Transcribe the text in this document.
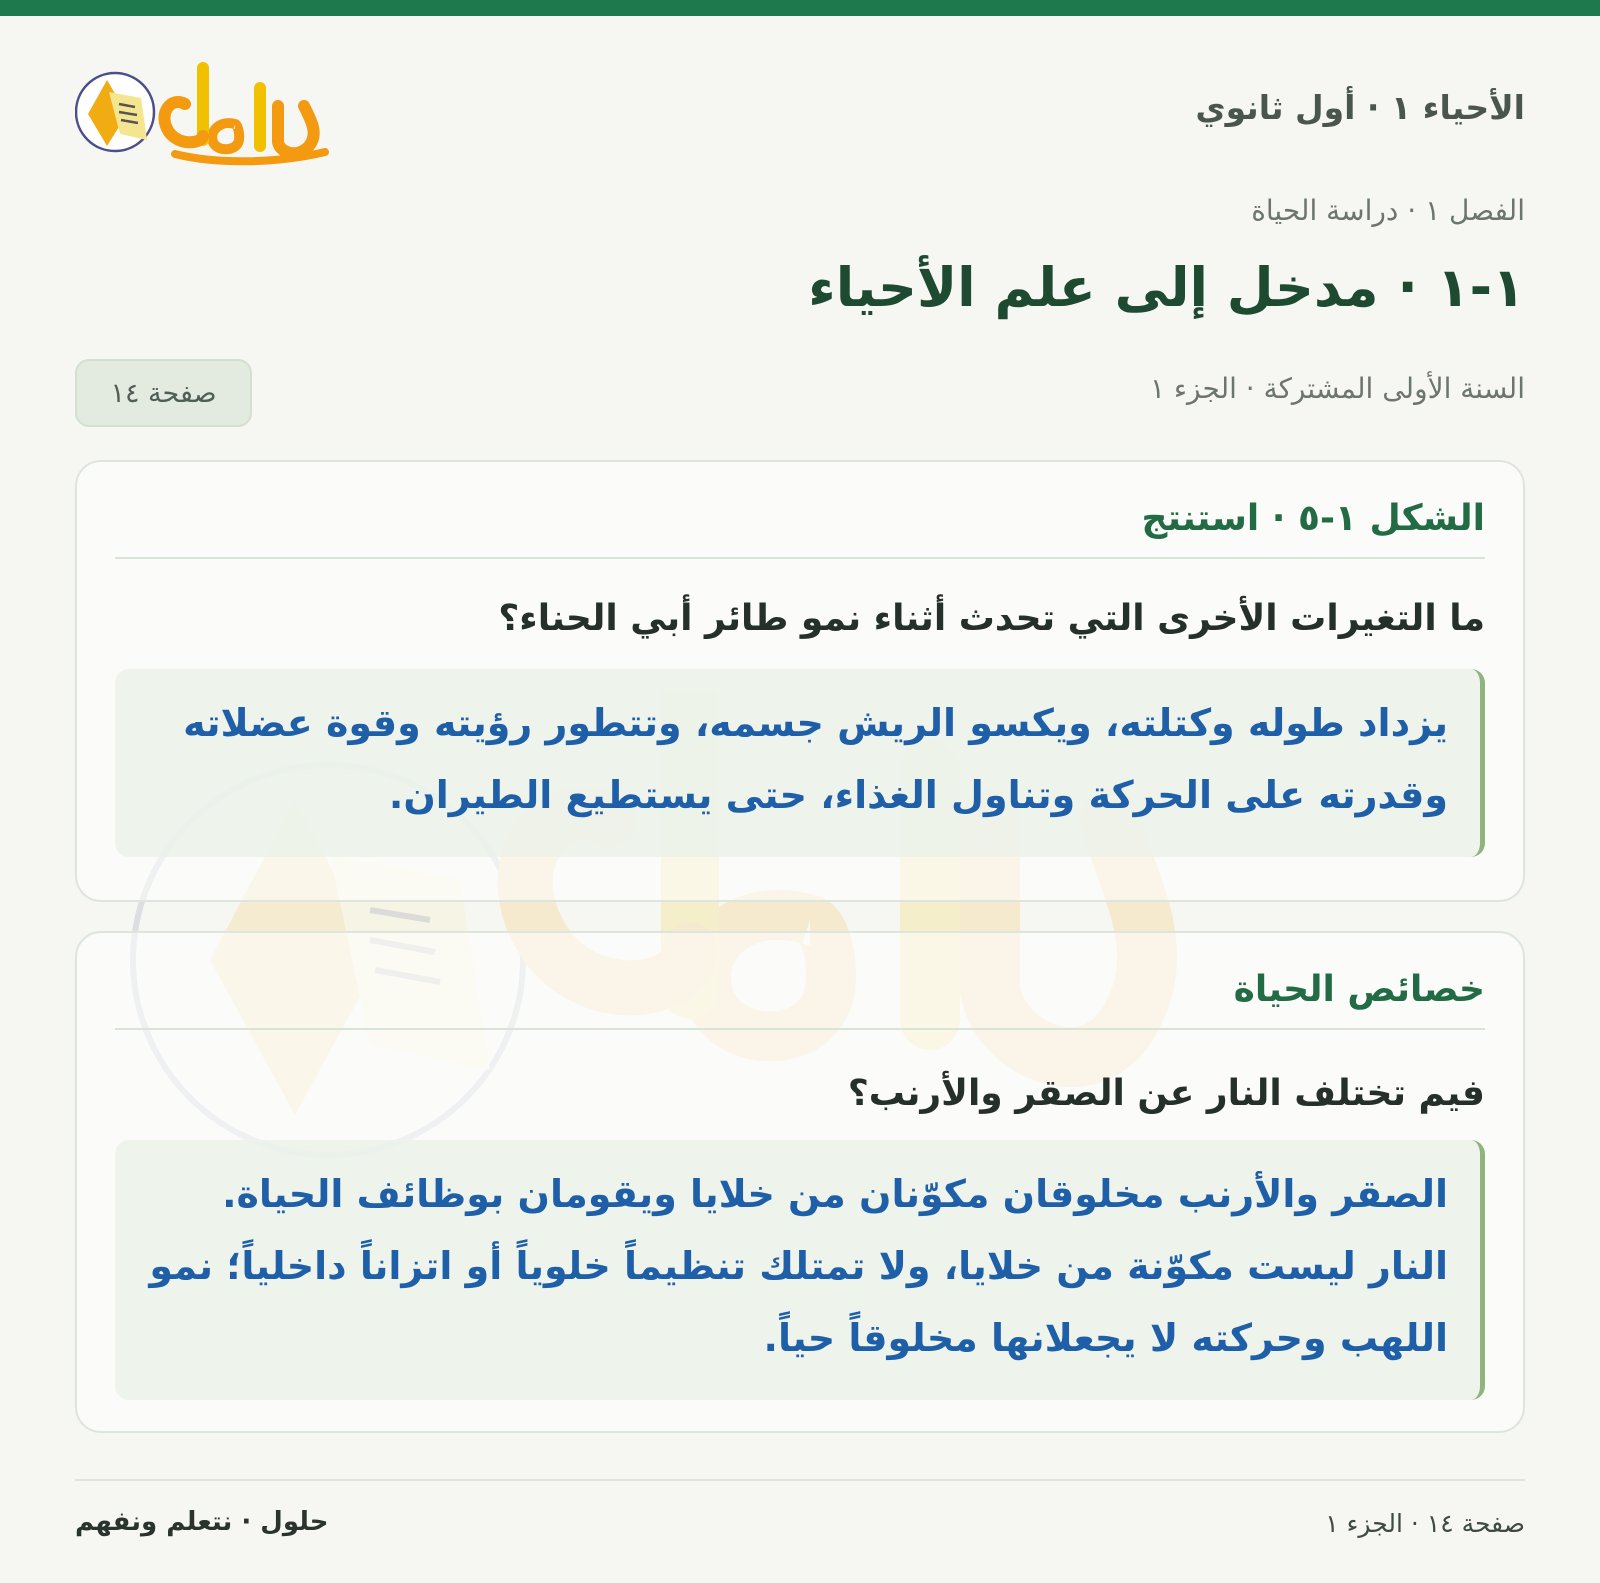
الأحياء ١ · أول ثانوي
الفصل ١ · دراسة الحياة
١-١ · مدخل إلى علم الأحياء
السنة الأولى المشتركة · الجزء ١
صفحة ١٤
الشكل ١-٥ · استنتج

ما التغيرات الأخرى التي تحدث أثناء نمو طائر أبي الحناء؟

يزداد طوله وكتلته، ويكسو الريش جسمه، وتتطور رؤيته وقوة عضلاته وقدرته على الحركة وتناول الغذاء، حتى يستطيع الطيران.
خصائص الحياة

فيم تختلف النار عن الصقر والأرنب؟

الصقر والأرنب مخلوقان مكوّنان من خلايا ويقومان بوظائف الحياة. النار ليست مكوّنة من خلايا، ولا تمتلك تنظيماً خلوياً أو اتزاناً داخلياً؛ نمو اللهب وحركته لا يجعلانها مخلوقاً حياً.
صفحة ١٤ · الجزء ١
حلول · نتعلم ونفهم
